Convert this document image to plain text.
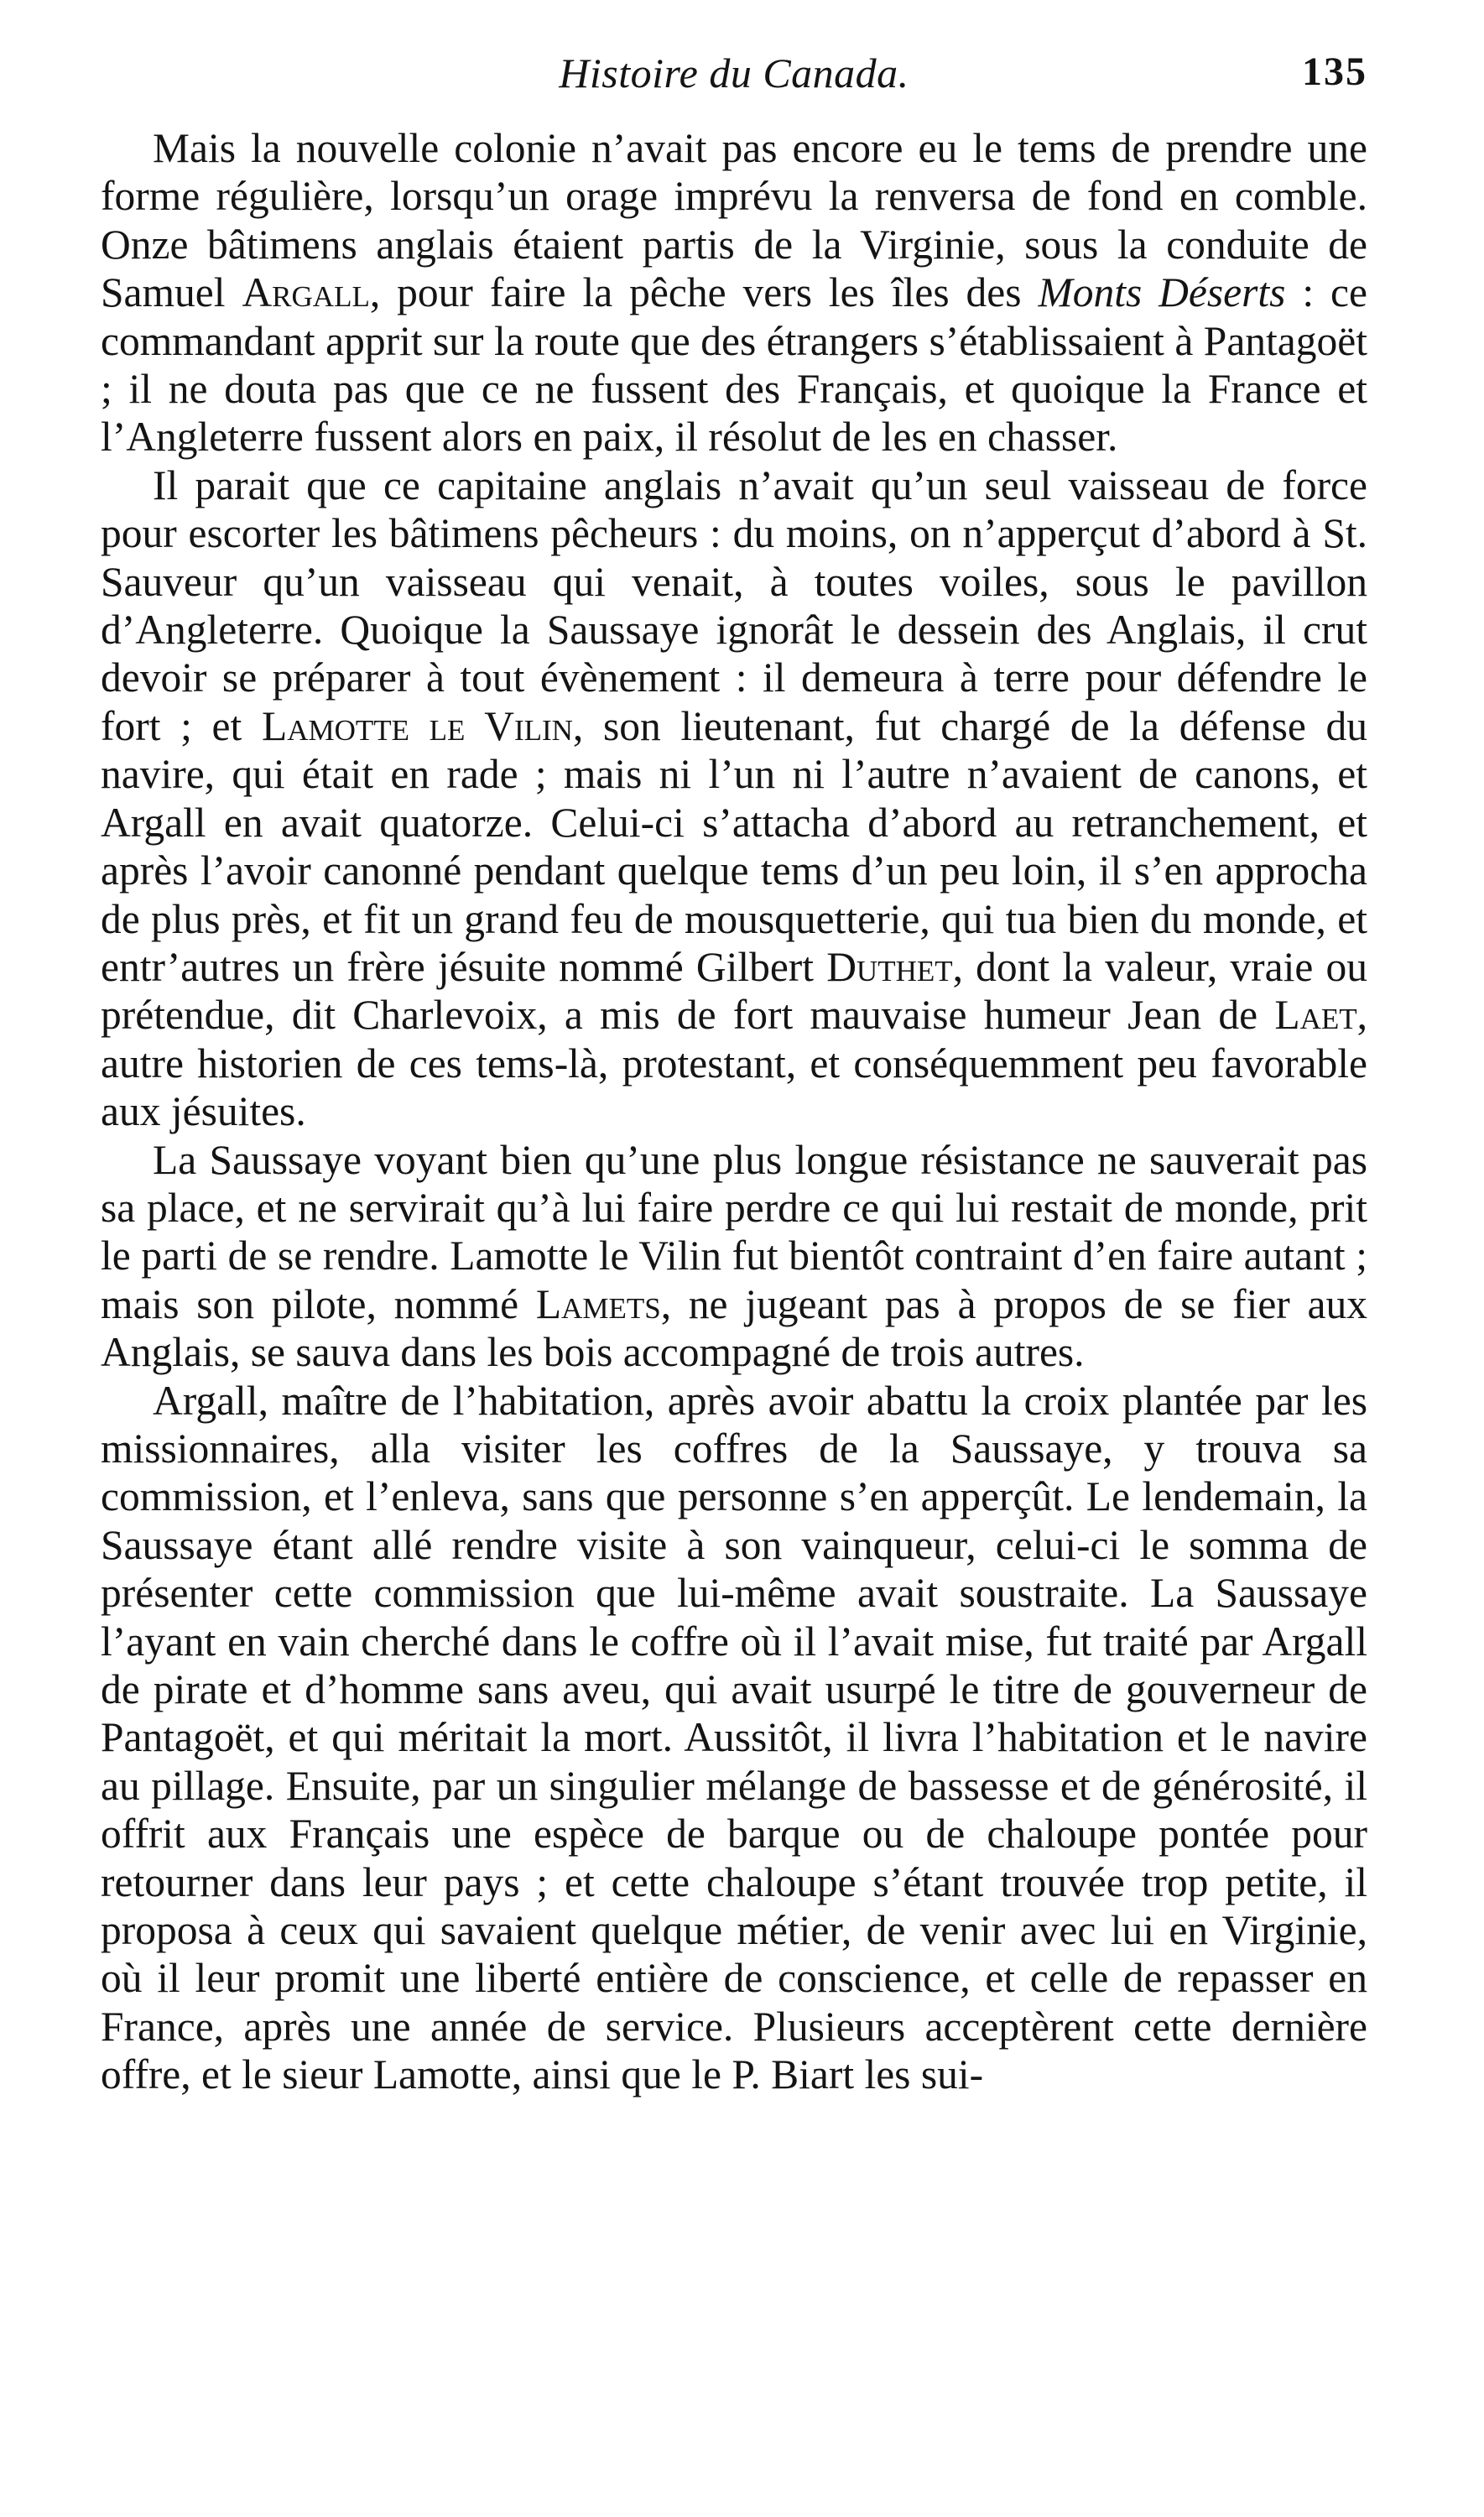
Histoire du Canada.	135

Mais la nouvelle colonie n’avait pas encore eu le tems de prendre une forme régulière, lorsqu’un orage imprévu la renversa de fond en comble. Onze bâtimens anglais étaient partis de la Virginie, sous la conduite de Samuel Argall, pour faire la pêche vers les îles des Monts Déserts : ce commandant apprit sur la route que des étrangers s’établissaient à Pantagoët ; il ne douta pas que ce ne fussent des Français, et quoique la France et l’Angleterre fussent alors en paix, il résolut de les en chasser.

Il parait que ce capitaine anglais n’avait qu’un seul vaisseau de force pour escorter les bâtimens pêcheurs : du moins, on n’apperçut d’abord à St. Sauveur qu’un vaisseau qui venait, à toutes voiles, sous le pavillon d’Angleterre. Quoique la Saussaye ignorât le dessein des Anglais, il crut devoir se préparer à tout évènement : il demeura à terre pour défendre le fort ; et Lamotte le Vilin, son lieutenant, fut chargé de la défense du navire, qui était en rade ; mais ni l’un ni l’autre n’avaient de canons, et Argall en avait quatorze. Celui-ci s’attacha d’abord au retranchement, et après l’avoir canonné pendant quelque tems d’un peu loin, il s’en approcha de plus près, et fit un grand feu de mousquetterie, qui tua bien du monde, et entr’autres un frère jésuite nommé Gilbert Duthet, dont la valeur, vraie ou prétendue, dit Charlevoix, a mis de fort mauvaise humeur Jean de Laet, autre historien de ces tems-là, protestant, et conséquemment peu favorable aux jésuites.

La Saussaye voyant bien qu’une plus longue résistance ne sauverait pas sa place, et ne servirait qu’à lui faire perdre ce qui lui restait de monde, prit le parti de se rendre. Lamotte le Vilin fut bientôt contraint d’en faire autant ; mais son pilote, nommé Lamets, ne jugeant pas à propos de se fier aux Anglais, se sauva dans les bois accompagné de trois autres.

Argall, maître de l’habitation, après avoir abattu la croix plantée par les missionnaires, alla visiter les coffres de la Saussaye, y trouva sa commission, et l’enleva, sans que personne s’en apperçût. Le lendemain, la Saussaye étant allé rendre visite à son vainqueur, celui-ci le somma de présenter cette commission que lui-même avait soustraite. La Saussaye l’ayant en vain cherché dans le coffre où il l’avait mise, fut traité par Argall de pirate et d’homme sans aveu, qui avait usurpé le titre de gouverneur de Pantagoët, et qui méritait la mort. Aussitôt, il livra l’habitation et le navire au pillage. Ensuite, par un singulier mélange de bassesse et de générosité, il offrit aux Français une espèce de barque ou de chaloupe pontée pour retourner dans leur pays ; et cette chaloupe s’étant trouvée trop petite, il proposa à ceux qui savaient quelque métier, de venir avec lui en Virginie, où il leur promit une liberté entière de conscience, et celle de repasser en France, après une année de service. Plusieurs acceptèrent cette dernière offre, et le sieur Lamotte, ainsi que le P. Biart les sui-
